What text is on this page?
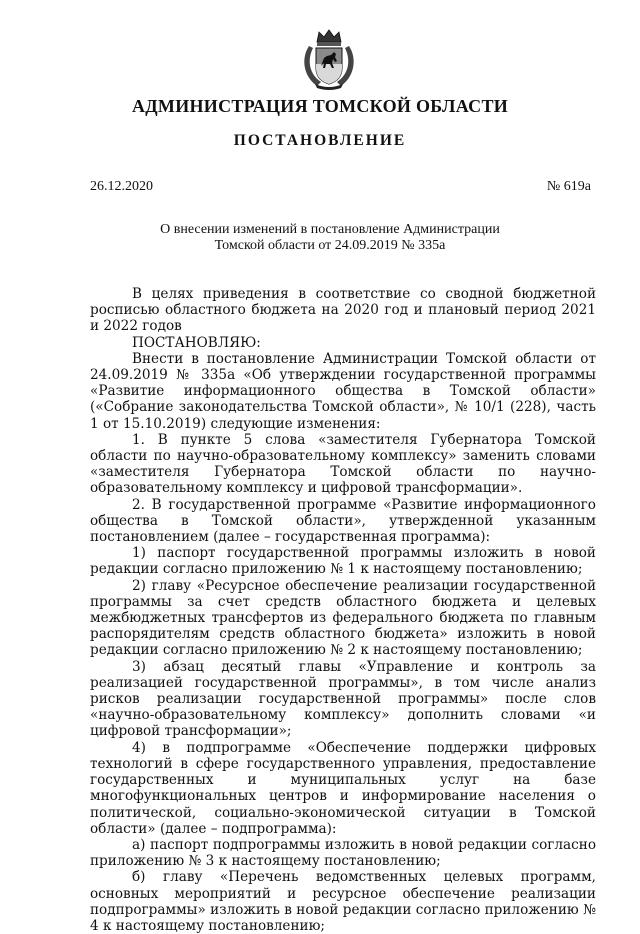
АДМИНИСТРАЦИЯ ТОМСКОЙ ОБЛАСТИ
ПОСТАНОВЛЕНИЕ
26.12.2020	№ 619а
О внесении изменений в постановление Администрации Томской области от 24.09.2019 № 335а

В целях приведения в соответствие со сводной бюджетной росписью областного бюджета на 2020 год и плановый период 2021 и 2022 годов

ПОСТАНОВЛЯЮ:

Внести в постановление Администрации Томской области от 24.09.2019 № 335а «Об утверждении государственной программы «Развитие информационного общества в Томской области» («Собрание законодательства Томской области», № 10/1 (228), часть 1 от 15.10.2019) следующие изменения:

1. В пункте 5 слова «заместителя Губернатора Томской области по научно-образовательному комплексу» заменить словами «заместителя Губернатора Томской области по научно-образовательному комплексу и цифровой трансформации».

2. В государственной программе «Развитие информационного общества в Томской области», утвержденной указанным постановлением (далее – государственная программа):

1) паспорт государственной программы изложить в новой редакции согласно приложению № 1 к настоящему постановлению;

2) главу «Ресурсное обеспечение реализации государственной программы за счет средств областного бюджета и целевых межбюджетных трансфертов из федерального бюджета по главным распорядителям средств областного бюджета» изложить в новой редакции согласно приложению № 2 к настоящему постановлению;

3) абзац десятый главы «Управление и контроль за реализацией государственной программы», в том числе анализ рисков реализации государственной программы» после слов «научно-образовательному комплексу» дополнить словами «и цифровой трансформации»;

4) в подпрограмме «Обеспечение поддержки цифровых технологий в сфере государственного управления, предоставление государственных и муниципальных услуг на базе многофункциональных центров и информирование населения о политической, социально-экономической ситуации в Томской области» (далее – подпрограмма):

а) паспорт подпрограммы изложить в новой редакции согласно приложению № 3 к настоящему постановлению;

б) главу «Перечень ведомственных целевых программ, основных мероприятий и ресурсное обеспечение реализации подпрограммы» изложить в новой редакции согласно приложению № 4 к настоящему постановлению;
